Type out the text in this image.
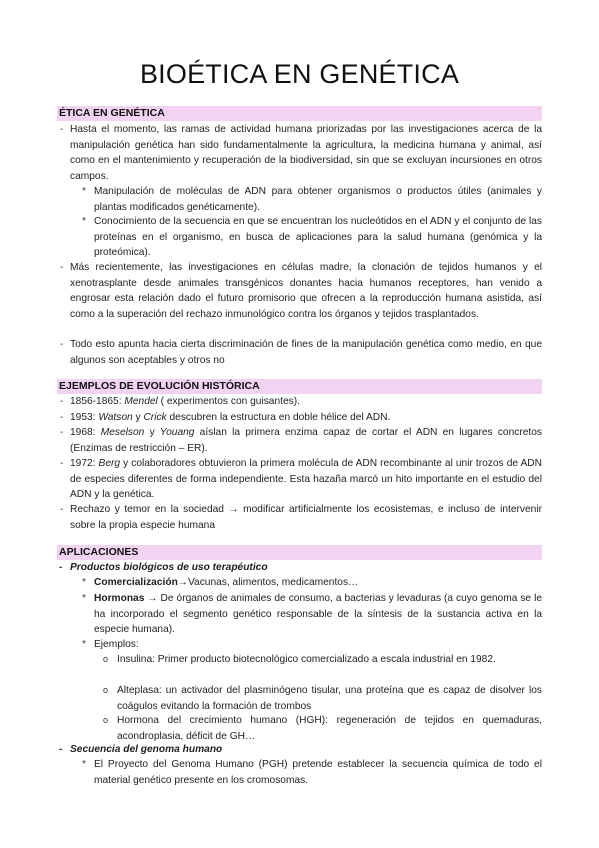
BIOÉTICA EN GENÉTICA
ÉTICA EN GENÉTICA
- Hasta el momento, las ramas de actividad humana priorizadas por las investigaciones acerca de la manipulación genética han sido fundamentalmente la agricultura, la medicina humana y animal, así como en el mantenimiento y recuperación de la biodiversidad, sin que se excluyan incursiones en otros campos.
* Manipulación de moléculas de ADN para obtener organismos o productos útiles (animales y plantas modificados genéticamente).
* Conocimiento de la secuencia en que se encuentran los nucleótidos en el ADN y el conjunto de las proteínas en el organismo, en busca de aplicaciones para la salud humana (genómica y la proteómica).
- Más recientemente, las investigaciones en células madre, la clonación de tejidos humanos y el xenotrasplante desde animales transgénicos donantes hacia humanos receptores, han venido a engrosar esta relación dado el futuro promisorio que ofrecen a la reproducción humana asistida, así como a la superación del rechazo inmunológico contra los órganos y tejidos trasplantados.
- Todo esto apunta hacia cierta discriminación de fines de la manipulación genética como medio, en que algunos son aceptables y otros no
EJEMPLOS DE EVOLUCIÓN HISTÓRICA
- 1856-1865: Mendel ( experimentos con guisantes).
- 1953: Watson y Crick descubren la estructura en doble hélice del ADN.
- 1968: Meselson y Youang aíslan la primera enzima capaz de cortar el ADN en lugares concretos (Enzimas de restricción – ER).
- 1972: Berg y colaboradores obtuvieron la primera molécula de ADN recombinante al unir trozos de ADN de especies diferentes de forma independiente. Esta hazaña marcó un hito importante en el estudio del ADN y la genética.
- Rechazo y temor en la sociedad → modificar artificialmente los ecosistemas, e incluso de intervenir sobre la propia especie humana
APLICACIONES
- Productos biológicos de uso terapéutico
* Comercialización→Vacunas, alimentos, medicamentos…
* Hormonas → De órganos de animales de consumo, a bacterias y levaduras (a cuyo genoma se le ha incorporado el segmento genético responsable de la síntesis de la sustancia activa en la especie humana).
* Ejemplos:
o Insulina: Primer producto biotecnológico comercializado a escala industrial en 1982.
o Alteplasa: un activador del plasminógeno tisular, una proteína que es capaz de disolver los coágulos evitando la formación de trombos
o Hormona del crecimiento humano (HGH): regeneración de tejidos en quemaduras, acondroplasia, déficit de GH…
- Secuencia del genoma humano
* El Proyecto del Genoma Humano (PGH) pretende establecer la secuencia química de todo el material genético presente en los cromosomas.
